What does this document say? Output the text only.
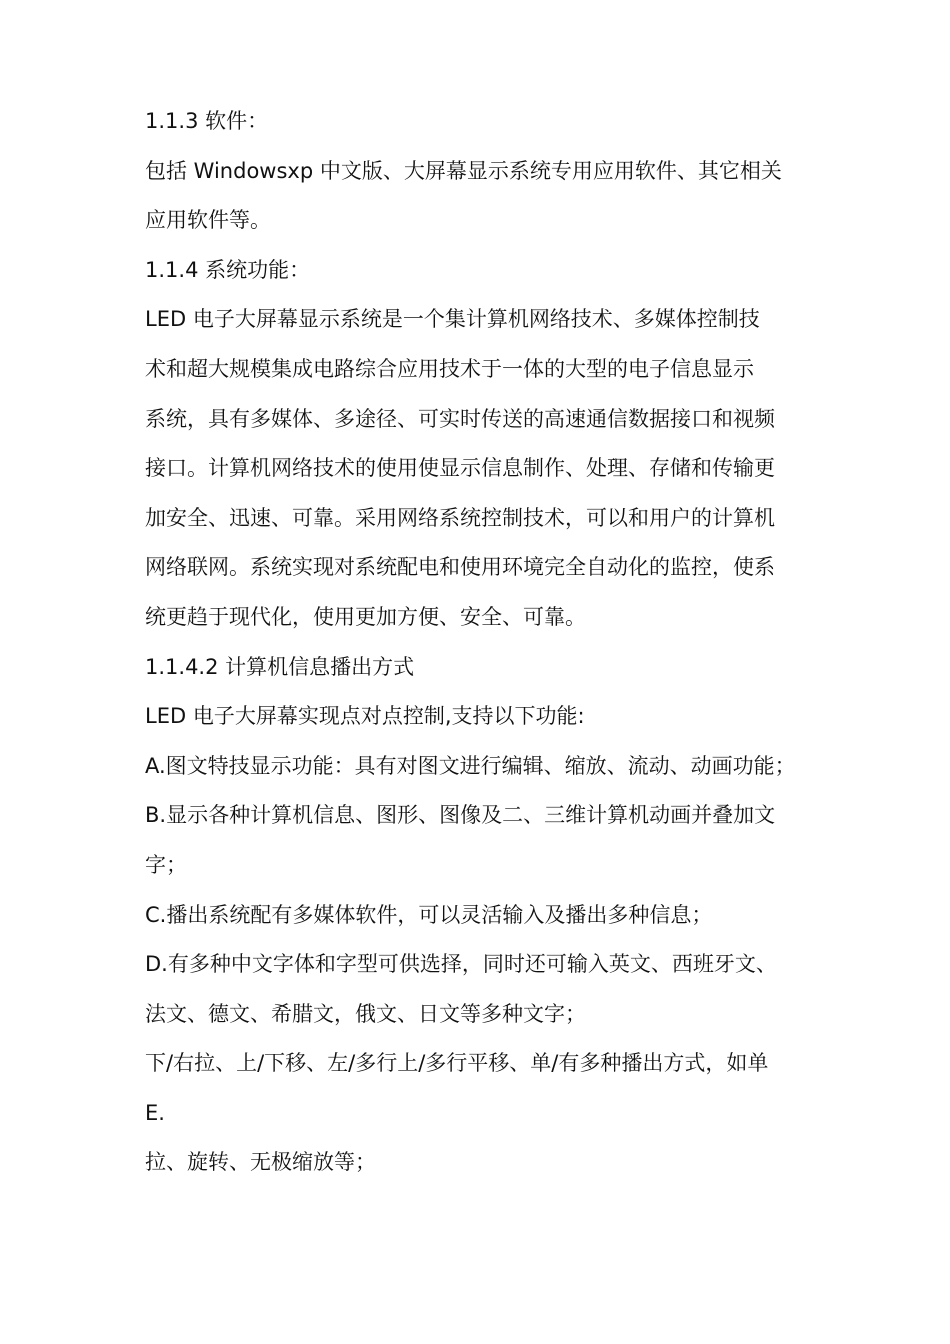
1.1.3 软件：
包括 Windowsxp 中文版、大屏幕显示系统专用应用软件、其它相关
应用软件等。
1.1.4 系统功能：
LED 电子大屏幕显示系统是一个集计算机网络技术、多媒体控制技
术和超大规模集成电路综合应用技术于一体的大型的电子信息显示
系统，具有多媒体、多途径、可实时传送的高速通信数据接口和视频
接口。计算机网络技术的使用使显示信息制作、处理、存储和传输更
加安全、迅速、可靠。采用网络系统控制技术，可以和用户的计算机
网络联网。系统实现对系统配电和使用环境完全自动化的监控，使系
统更趋于现代化，使用更加方便、安全、可靠。
1.1.4.2 计算机信息播出方式
LED 电子大屏幕实现点对点控制,支持以下功能:
A.图文特技显示功能：具有对图文进行编辑、缩放、流动、动画功能；
B.显示各种计算机信息、图形、图像及二、三维计算机动画并叠加文
字；
C.播出系统配有多媒体软件，可以灵活输入及播出多种信息；
D.有多种中文字体和字型可供选择，同时还可输入英文、西班牙文、
法文、德文、希腊文，俄文、日文等多种文字；
下/右拉、上/下移、左/多行上/多行平移、单/有多种播出方式，如单
E.
拉、旋转、无极缩放等；
